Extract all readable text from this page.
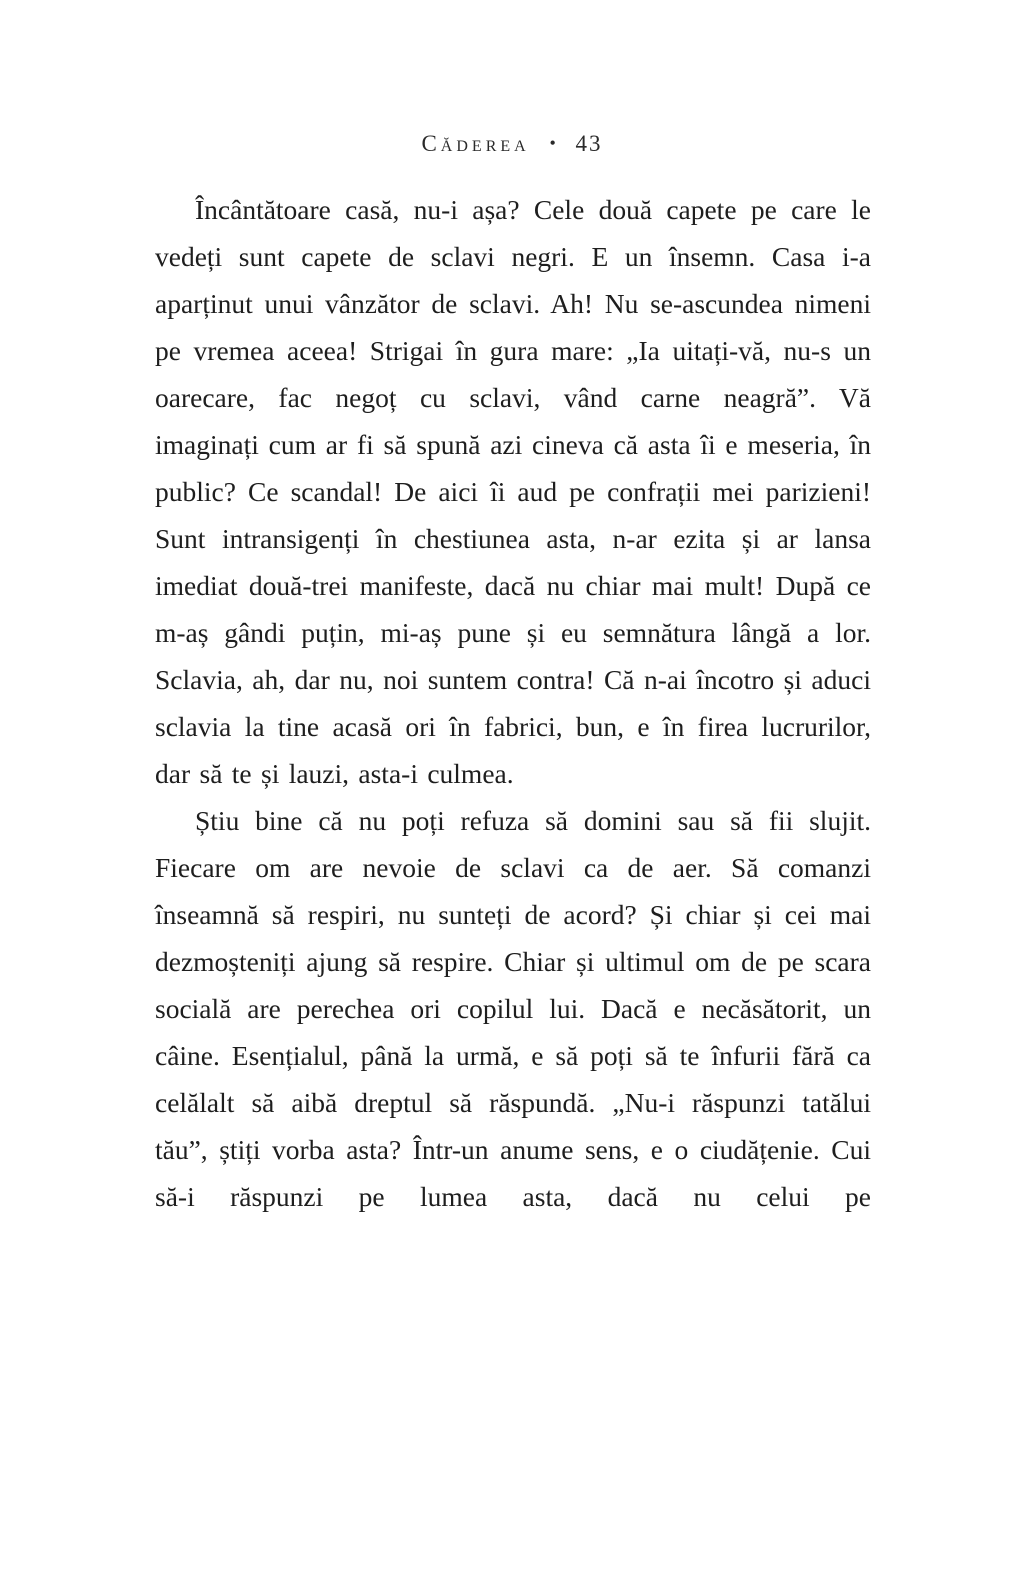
Căderea • 43

Încântătoare casă, nu-i așa? Cele două capete pe care le vedeți sunt capete de sclavi negri. E un însemn. Casa i-a aparținut unui vânzător de sclavi. Ah! Nu se-ascundea nimeni pe vremea aceea! Strigai în gura mare: „Ia uitați-vă, nu-s un oarecare, fac negoț cu sclavi, vând carne neagră”. Vă imaginați cum ar fi să spună azi cineva că asta îi e meseria, în public? Ce scandal! De aici îi aud pe confrații mei parizieni! Sunt intransigenți în chestiunea asta, n-ar ezita și ar lansa imediat două-trei manifeste, dacă nu chiar mai mult! După ce m-aș gândi puțin, mi-aș pune și eu semnătura lângă a lor. Sclavia, ah, dar nu, noi suntem contra! Că n-ai încotro și aduci sclavia la tine acasă ori în fabrici, bun, e în firea lucrurilor, dar să te și lauzi, asta-i culmea.

Știu bine că nu poți refuza să domini sau să fii slujit. Fiecare om are nevoie de sclavi ca de aer. Să comanzi înseamnă să respiri, nu sunteți de acord? Și chiar și cei mai dezmoșteniți ajung să respire. Chiar și ultimul om de pe scara socială are perechea ori copilul lui. Dacă e necăsătorit, un câine. Esențialul, până la urmă, e să poți să te înfurii fără ca celălalt să aibă dreptul să răspundă. „Nu-i răspunzi tatălui tău”, știți vorba asta? Într-un anume sens, e o ciudățenie. Cui să-i răspunzi pe lumea asta, dacă nu celui pe
